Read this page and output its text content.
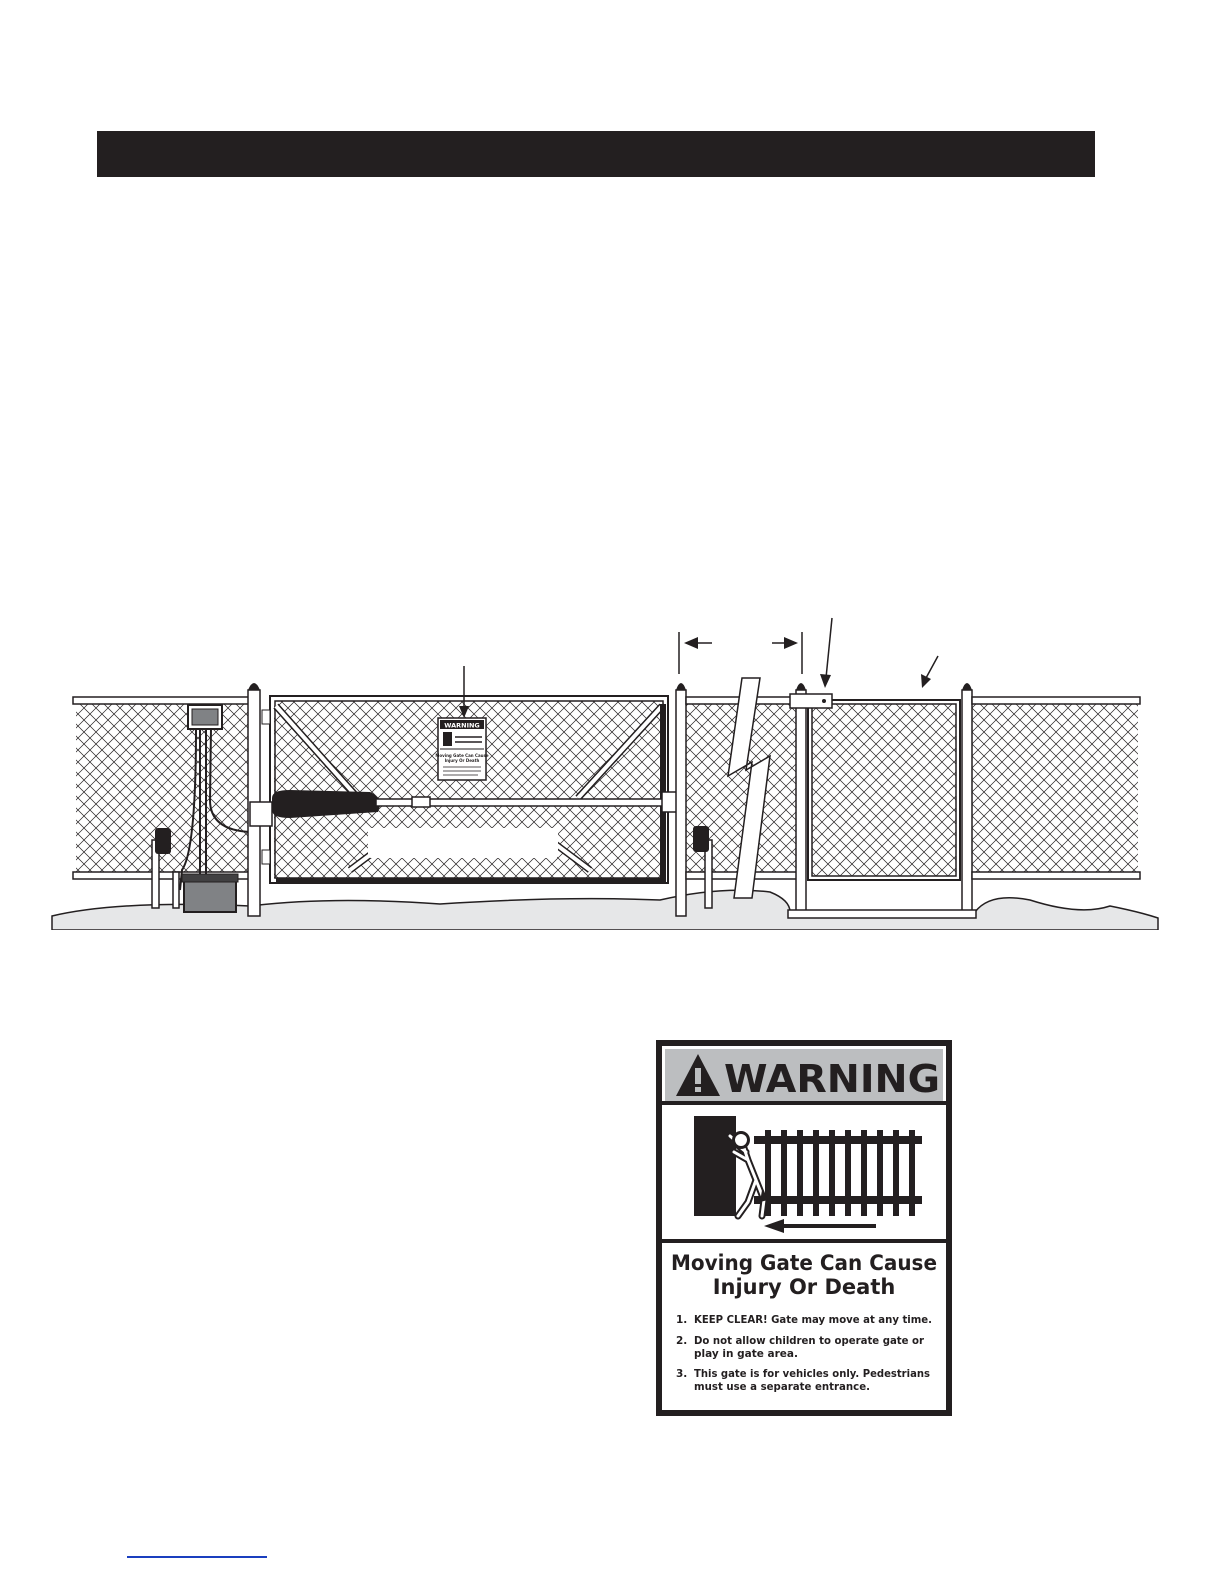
WARNING
Moving Gate Can Cause
Injury Or Death
WARNING
Moving Gate Can Cause
Injury Or Death
1. KEEP CLEAR! Gate may move at any time.
2. Do not allow children to operate gate or
play in gate area.
3. This gate is for vehicles only. Pedestrians
must use a separate entrance.
